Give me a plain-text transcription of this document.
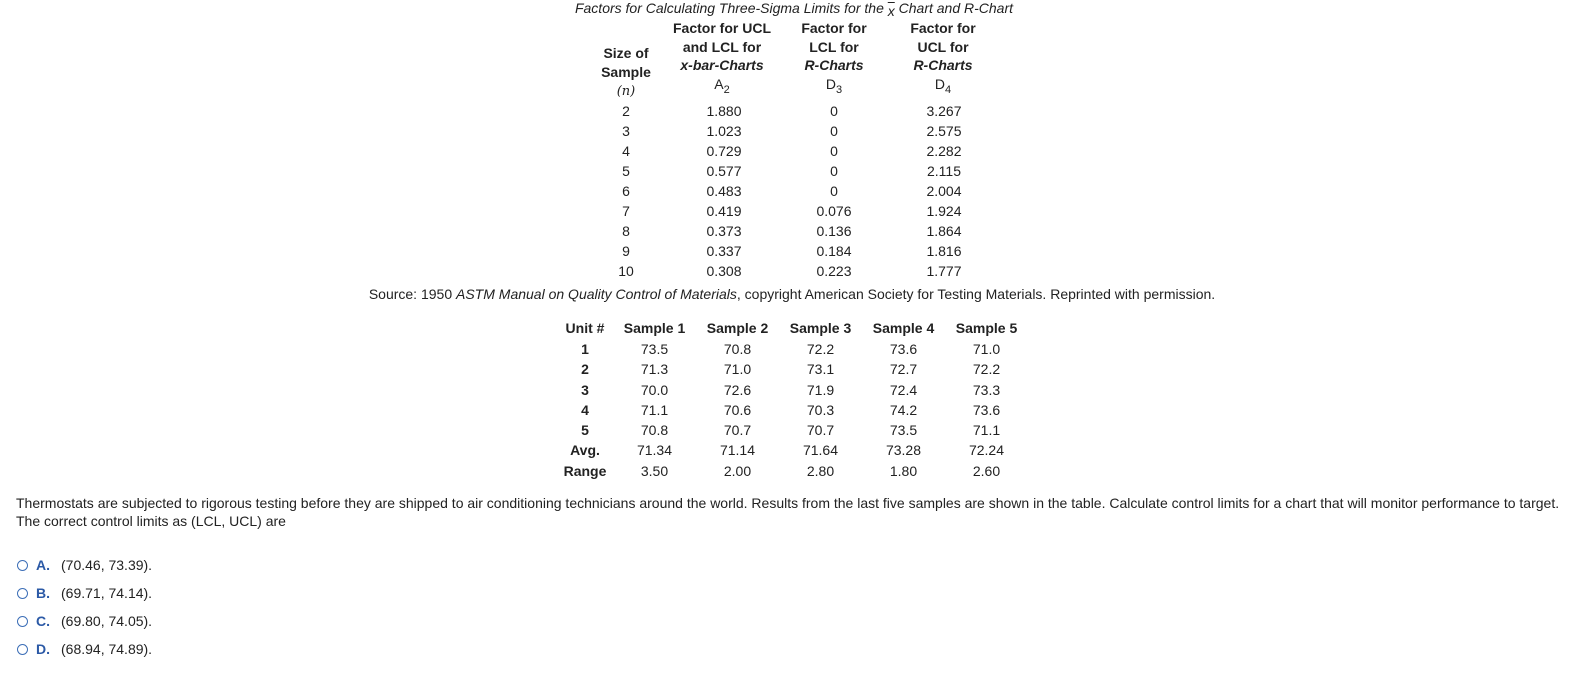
Factors for Calculating Three-Sigma Limits for the $\overline{x}$ Chart and R-Chart
Size of
Sample
(n)
Factor for UCL
and LCL for
x-bar-Charts
$A_2$
Factor for
LCL for
R-Charts
$D_3$
Factor for
UCL for
R-Charts
$D_4$
2
3
4
5
6
7
8
9
10
1.880
1.023
0.729
0.577
0.483
0.419
0.373
0.337
0.308
0
0
0
0
0
0.076
0.136
0.184
0.223
3.267
2.575
2.282
2.115
2.004
1.924
1.864
1.816
1.777
Source: 1950 ASTM Manual on Quality Control of Materials, copyright American Society for Testing Materials. Reprinted with permission.
Unit #
1
2
3
4
5
Avg.
Range
Sample 1
73.5
71.3
70.0
71.1
70.8
71.34
3.50
Sample 2
70.8
71.0
72.6
70.6
70.7
71.14
2.00
Sample 3
72.2
73.1
71.9
70.3
70.7
71.64
2.80
Sample 4
73.6
72.7
72.4
74.2
73.5
73.28
1.80
Sample 5
71.0
72.2
73.3
73.6
71.1
72.24
2.60
Thermostats are subjected to rigorous testing before they are shipped to air conditioning technicians around the world. Results from the last five samples are shown in the table. Calculate control limits for a chart that will monitor performance to target. The correct control limits as (LCL, UCL) are
A. (70.46, 73.39).
B. (69.71, 74.14).
C. (69.80, 74.05).
D. (68.94, 74.89).
